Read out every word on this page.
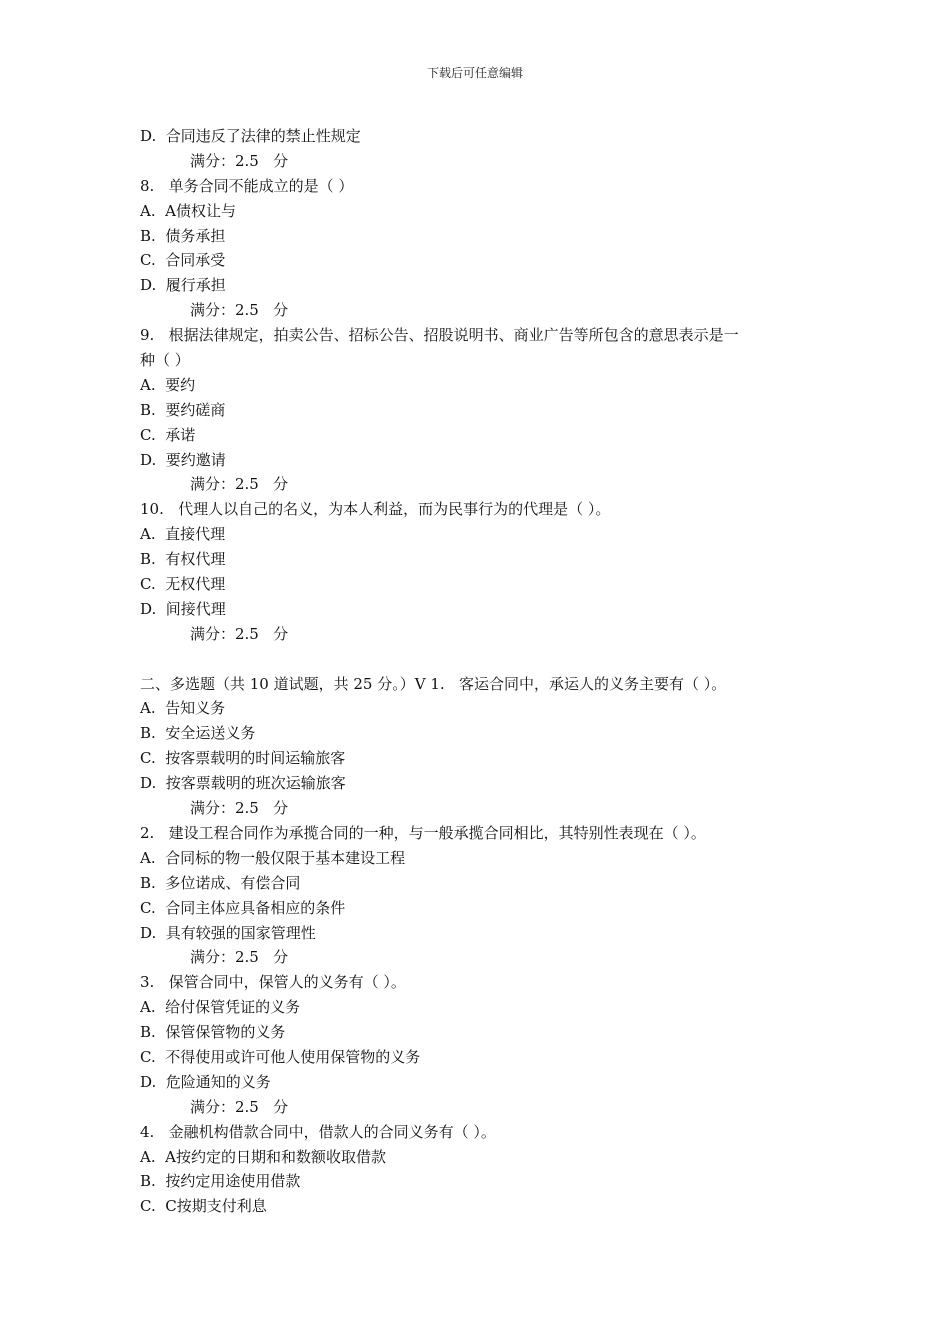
下载后可任意编辑
D.  合同违反了法律的禁止性规定
满分：2.5   分
8.   单务合同不能成立的是（ ）
A.  A债权让与
B.  债务承担
C.  合同承受
D.  履行承担
满分：2.5   分
9.   根据法律规定，拍卖公告、招标公告、招股说明书、商业广告等所包含的意思表示是一
种（ ）
A.  要约
B.  要约磋商
C.  承诺
D.  要约邀请
满分：2.5   分
10.   代理人以自己的名义，为本人利益，而为民事行为的代理是（ ）。
A.  直接代理
B.  有权代理
C.  无权代理
D.  间接代理
满分：2.5   分
二、多选题（共 10 道试题，共 25 分。）V 1.   客运合同中，承运人的义务主要有（ ）。
A.  告知义务
B.  安全运送义务
C.  按客票载明的时间运输旅客
D.  按客票载明的班次运输旅客
满分：2.5   分
2.   建设工程合同作为承揽合同的一种，与一般承揽合同相比，其特别性表现在（ ）。
A.  合同标的物一般仅限于基本建设工程
B.  多位诺成、有偿合同
C.  合同主体应具备相应的条件
D.  具有较强的国家管理性
满分：2.5   分
3.   保管合同中，保管人的义务有（ ）。
A.  给付保管凭证的义务
B.  保管保管物的义务
C.  不得使用或许可他人使用保管物的义务
D.  危险通知的义务
满分：2.5   分
4.   金融机构借款合同中，借款人的合同义务有（ ）。
A.  A按约定的日期和和数额收取借款
B.  按约定用途使用借款
C.  C按期支付利息
